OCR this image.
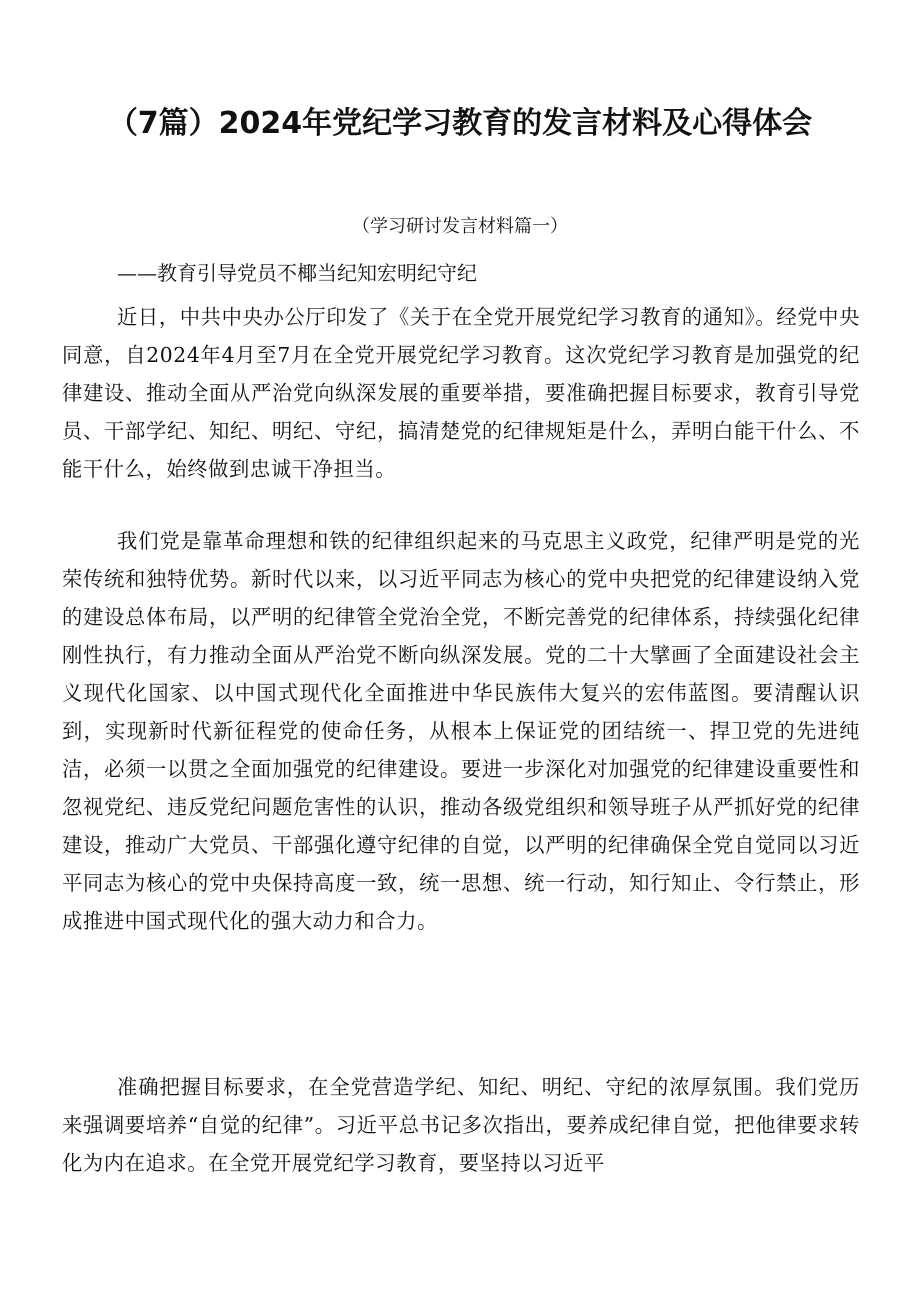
（7篇）2024年党纪学习教育的发言材料及心得体会
（学习研讨发言材料篇一）
——教育引导党员不椰当纪知宏明纪守纪

近日，中共中央办公厅印发了《关于在全党开展党纪学习教育的通知》。经党中央同意，自2024年4月至7月在全党开展党纪学习教育。这次党纪学习教育是加强党的纪律建设、推动全面从严治党向纵深发展的重要举措，要准确把握目标要求，教育引导党员、干部学纪、知纪、明纪、守纪，搞清楚党的纪律规矩是什么，弄明白能干什么、不能干什么，始终做到忠诚干净担当。

我们党是靠革命理想和铁的纪律组织起来的马克思主义政党，纪律严明是党的光荣传统和独特优势。新时代以来，以习近平同志为核心的党中央把党的纪律建设纳入党的建设总体布局，以严明的纪律管全党治全党，不断完善党的纪律体系，持续强化纪律刚性执行，有力推动全面从严治党不断向纵深发展。党的二十大擘画了全面建设社会主义现代化国家、以中国式现代化全面推进中华民族伟大复兴的宏伟蓝图。要清醒认识到，实现新时代新征程党的使命任务，从根本上保证党的团结统一、捍卫党的先进纯洁，必须一以贯之全面加强党的纪律建设。要进一步深化对加强党的纪律建设重要性和忽视党纪、违反党纪问题危害性的认识，推动各级党组织和领导班子从严抓好党的纪律建设，推动广大党员、干部强化遵守纪律的自觉，以严明的纪律确保全党自觉同以习近平同志为核心的党中央保持高度一致，统一思想、统一行动，知行知止、令行禁止，形成推进中国式现代化的强大动力和合力。

准确把握目标要求，在全党营造学纪、知纪、明纪、守纪的浓厚氛围。我们党历来强调要培养“自觉的纪律”。习近平总书记多次指出，要养成纪律自觉，把他律要求转化为内在追求。在全党开展党纪学习教育，要坚持以习近平
